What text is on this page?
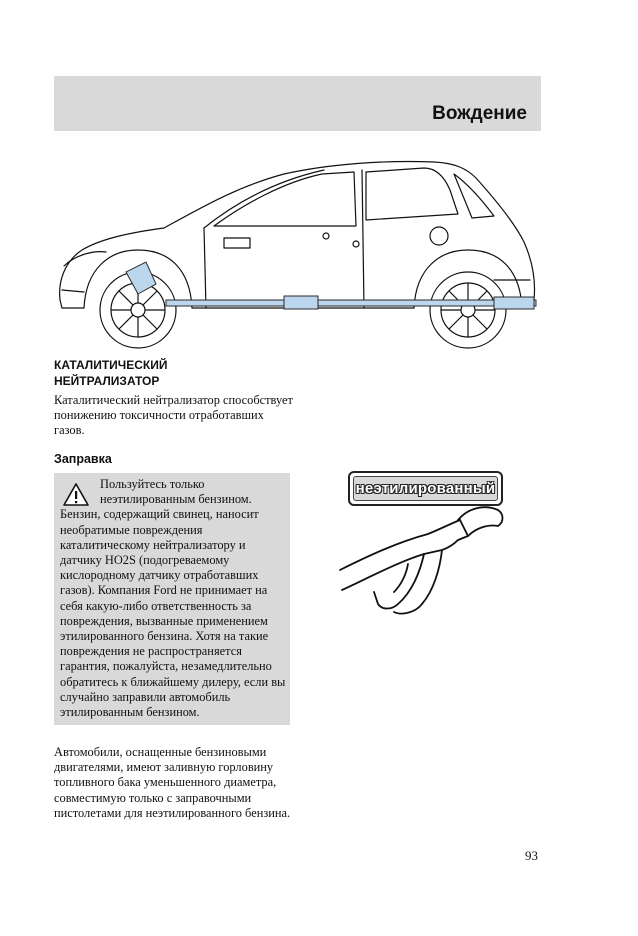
Вождение
КАТАЛИТИЧЕСКИЙ
НЕЙТРАЛИЗАТОР
Каталитический нейтрализатор способствует понижению токсичности отработавших газов.
Заправка
Пользуйтесь только неэтилированным бензином.
Бензин, содержащий свинец, наносит необратимые повреждения каталитическому нейтрализатору и датчику HO2S (подогреваемому кислородному датчику отработавших газов). Компания Ford не принимает на себя какую-либо ответственность за повреждения, вызванные применением этилированного бензина. Хотя на такие повреждения не распространяется гарантия, пожалуйста, незамедлительно обратитесь к ближайшему дилеру, если вы случайно заправили автомобиль этилированным бензином.
Автомобили, оснащенные бензиновыми двигателями, имеют заливную горловину топливного бака уменьшенного диаметра, совместимую только с заправочными пистолетами для неэтилированного бензина.
неэтилированный
93
